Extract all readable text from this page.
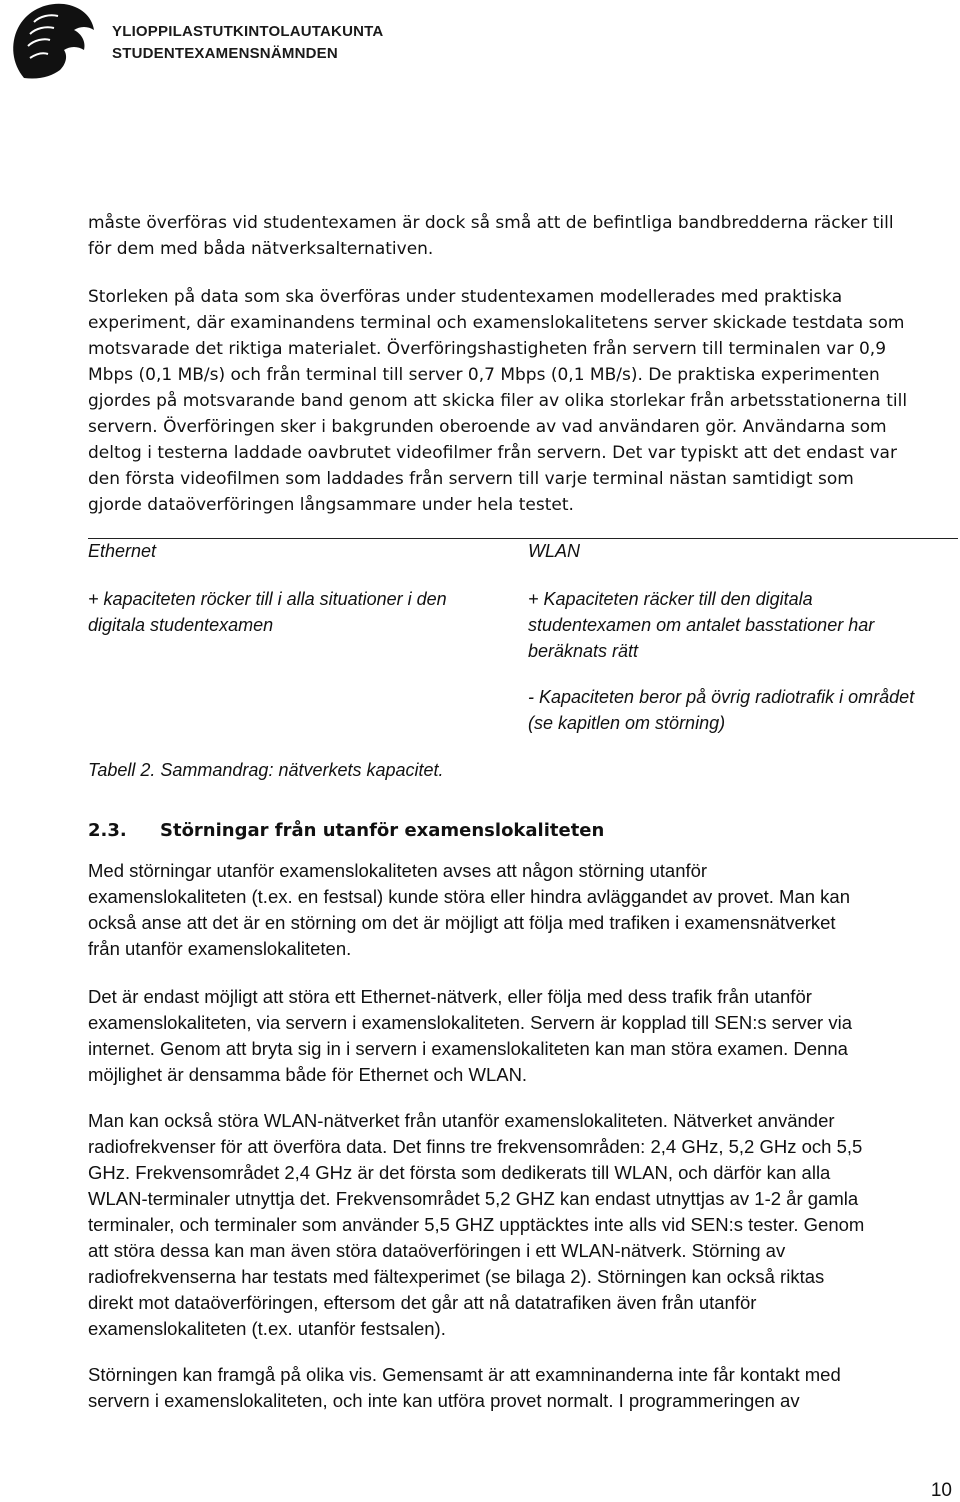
YLIOPPILASTUTKINTOLAUTAKUNTA
STUDENTEXAMENSNÄMNDEN

måste överföras vid studentexamen är dock så små att de befintliga bandbredderna räcker till
för dem med båda nätverksalternativen.

Storleken på data som ska överföras under studentexamen modellerades med praktiska
experiment, där examinandens terminal och examenslokalitetens server skickade testdata som
motsvarade det riktiga materialet. Överföringshastigheten från servern till terminalen var 0,9
Mbps (0,1 MB/s) och från terminal till server 0,7 Mbps (0,1 MB/s). De praktiska experimenten
gjordes på motsvarande band genom att skicka filer av olika storlekar från arbetsstationerna till
servern. Överföringen sker i bakgrunden oberoende av vad användaren gör. Användarna som
deltog i testerna laddade oavbrutet videofilmer från servern. Det var typiskt att det endast var
den första videofilmen som laddades från servern till varje terminal nästan samtidigt som
gjorde dataöverföringen långsammare under hela testet.

Ethernet
+ kapaciteten röcker till i alla situationer i den
digitala studentexamen
WLAN
+ Kapaciteten räcker till den digitala
studentexamen om antalet basstationer har
beräknats rätt
- Kapaciteten beror på övrig radiotrafik i området
(se kapitlen om störning)
Tabell 2. Sammandrag: nätverkets kapacitet.
2.3. Störningar från utanför examenslokaliteten

Med störningar utanför examenslokaliteten avses att någon störning utanför
examenslokaliteten (t.ex. en festsal) kunde störa eller hindra avläggandet av provet. Man kan
också anse att det är en störning om det är möjligt att följa med trafiken i examensnätverket
från utanför examenslokaliteten.

Det är endast möjligt att störa ett Ethernet-nätverk, eller följa med dess trafik från utanför
examenslokaliteten, via servern i examenslokaliteten. Servern är kopplad till SEN:s server via
internet. Genom att bryta sig in i servern i examenslokaliteten kan man störa examen. Denna
möjlighet är densamma både för Ethernet och WLAN.

Man kan också störa WLAN-nätverket från utanför examenslokaliteten. Nätverket använder
radiofrekvenser för att överföra data. Det finns tre frekvensområden: 2,4 GHz, 5,2 GHz och 5,5
GHz. Frekvensområdet 2,4 GHz är det första som dedikerats till WLAN, och därför kan alla
WLAN-terminaler utnyttja det. Frekvensområdet 5,2 GHZ kan endast utnyttjas av 1-2 år gamla
terminaler, och terminaler som använder 5,5 GHZ upptäcktes inte alls vid SEN:s tester. Genom
att störa dessa kan man även störa dataöverföringen i ett WLAN-nätverk. Störning av
radiofrekvenserna har testats med fältexperimet (se bilaga 2). Störningen kan också riktas
direkt mot dataöverföringen, eftersom det går att nå datatrafiken även från utanför
examenslokaliteten (t.ex. utanför festsalen).

Störningen kan framgå på olika vis. Gemensamt är att examninanderna inte får kontakt med
servern i examenslokaliteten, och inte kan utföra provet normalt. I programmeringen av

10
